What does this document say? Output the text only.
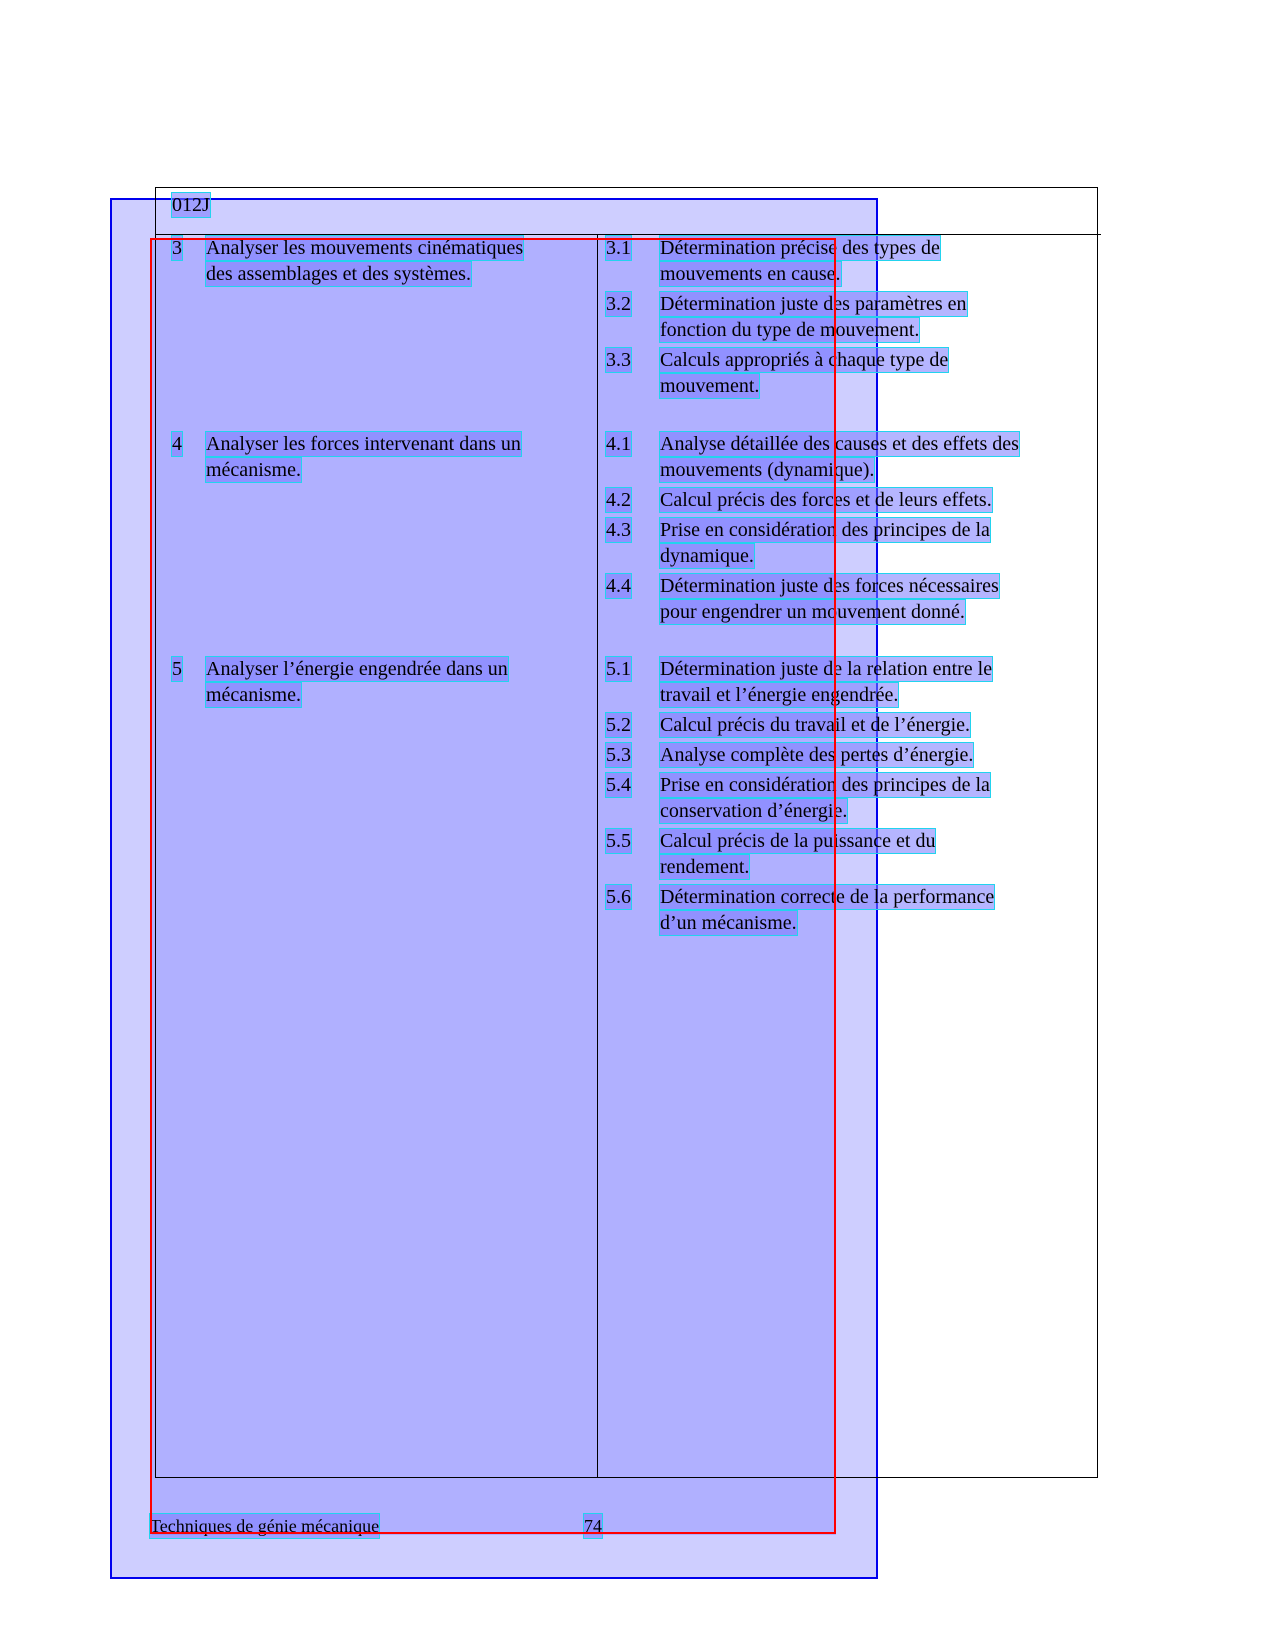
012J
3 Analyser les mouvements cinématiques
des assemblages et des systèmes.
4 Analyser les forces intervenant dans un
mécanisme.
5 Analyser l’énergie engendrée dans un
mécanisme.
3.1 Détermination précise des types de
mouvements en cause.
3.2 Détermination juste des paramètres en
fonction du type de mouvement.
3.3 Calculs appropriés à chaque type de
mouvement.
4.1 Analyse détaillée des causes et des effets des
mouvements (dynamique).
4.2 Calcul précis des forces et de leurs effets.
4.3 Prise en considération des principes de la
dynamique.
4.4 Détermination juste des forces nécessaires
pour engendrer un mouvement donné.
5.1 Détermination juste de la relation entre le
travail et l’énergie engendrée.
5.2 Calcul précis du travail et de l’énergie.
5.3 Analyse complète des pertes d’énergie.
5.4 Prise en considération des principes de la
conservation d’énergie.
5.5 Calcul précis de la puissance et du
rendement.
5.6 Détermination correcte de la performance
d’un mécanisme.
Techniques de génie mécanique	74
